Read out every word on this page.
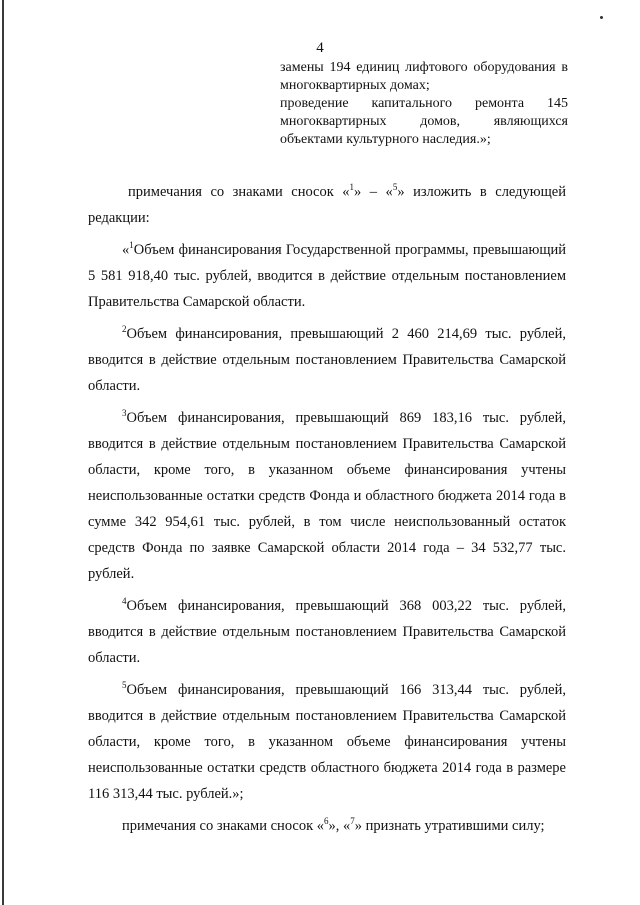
4

замены 194 единиц лифтового оборудования в многоквартирных домах;

проведение капитального ремонта 145 многоквартирных домов, являющихся объектами культурного наследия.»;

примечания со знаками сносок «$^1$» – «$^5$» изложить в следующей редакции:

«$^1$Объем финансирования Государственной программы, превышающий 5 581 918,40 тыс. рублей, вводится в действие отдельным постановлением Правительства Самарской области.

$^2$Объем финансирования, превышающий 2 460 214,69 тыс. рублей, вводится в действие отдельным постановлением Правительства Самарской области.

$^3$Объем финансирования, превышающий 869 183,16 тыс. рублей, вводится в действие отдельным постановлением Правительства Самарской области, кроме того, в указанном объеме финансирования учтены неиспользованные остатки средств Фонда и областного бюджета 2014 года в сумме 342 954,61 тыс. рублей, в том числе неиспользованный остаток средств Фонда по заявке Самарской области 2014 года – 34 532,77 тыс. рублей.

$^4$Объем финансирования, превышающий 368 003,22 тыс. рублей, вводится в действие отдельным постановлением Правительства Самарской области.

$^5$Объем финансирования, превышающий 166 313,44 тыс. рублей, вводится в действие отдельным постановлением Правительства Самарской области, кроме того, в указанном объеме финансирования учтены неиспользованные остатки средств областного бюджета 2014 года в размере 116 313,44 тыс. рублей.»;

примечания со знаками сносок «$^6$», «$^7$» признать утратившими силу;
